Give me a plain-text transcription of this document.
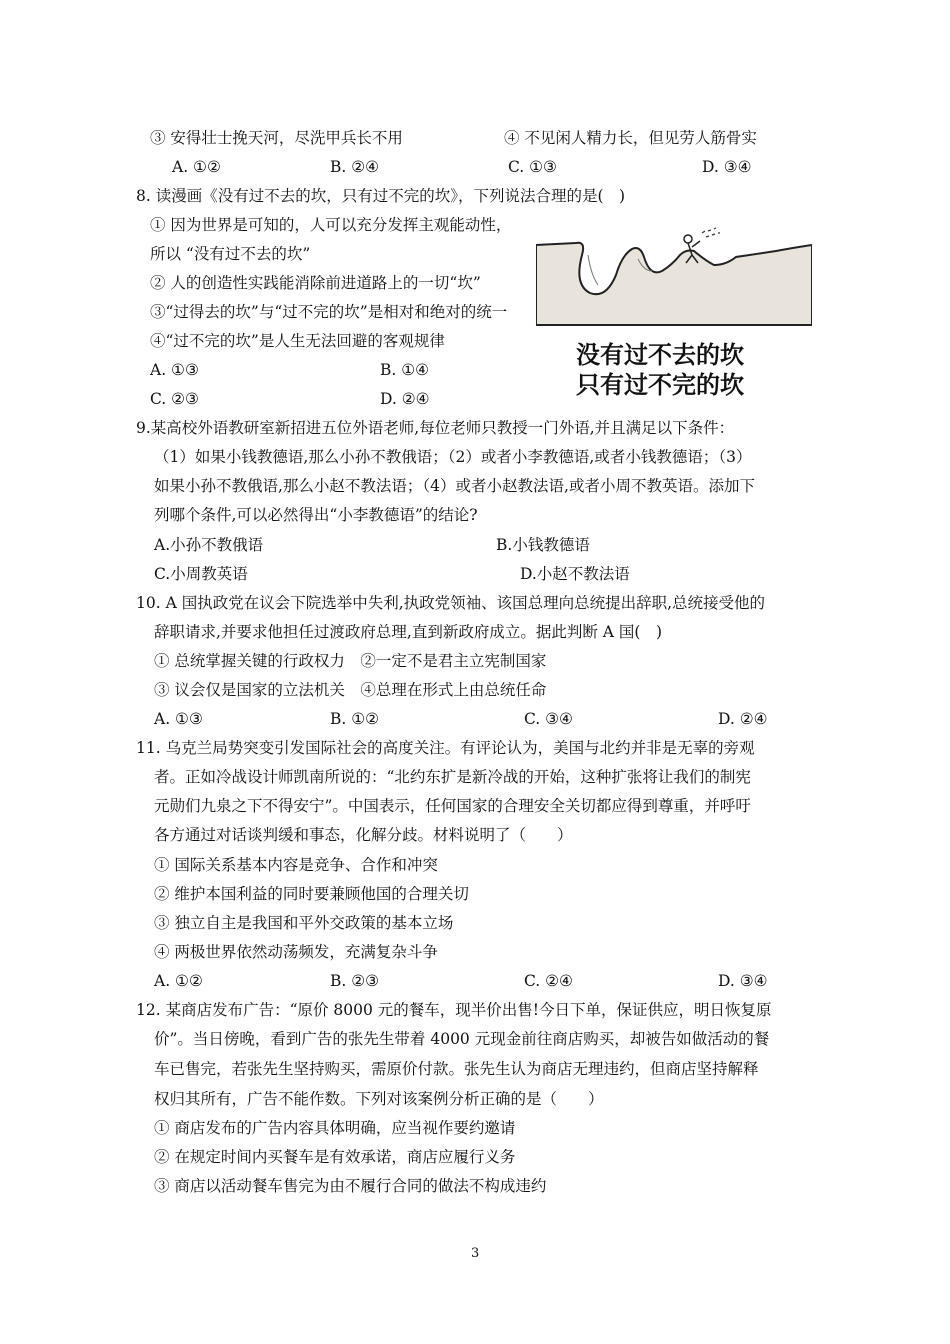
③ 安得壮士挽天河，尽洗甲兵长不用	④ 不见闲人精力长，但见劳人筋骨实
A. ①②	B. ②④	C. ①③	D. ③④
8. 读漫画《没有过不去的坎，只有过不完的坎》，下列说法合理的是(　)
① 因为世界是可知的，人可以充分发挥主观能动性，
所以 “没有过不去的坎”
② 人的创造性实践能消除前进道路上的一切“坎”
③“过得去的坎”与“过不完的坎”是相对和绝对的统一
④“过不完的坎”是人生无法回避的客观规律
A. ①③	B. ①④
C. ②③	D. ②④
没有过不去的坎
只有过不完的坎
9.某高校外语教研室新招进五位外语老师,每位老师只教授一门外语,并且满足以下条件：
（1）如果小钱教德语,那么小孙不教俄语；（2）或者小李教德语,或者小钱教德语；（3）
如果小孙不教俄语,那么小赵不教法语；（4）或者小赵教法语,或者小周不教英语。添加下
列哪个条件,可以必然得出“小李教德语”的结论?
A.小孙不教俄语	B.小钱教德语
C.小周教英语	D.小赵不教法语
10. A 国执政党在议会下院选举中失利,执政党领袖、该国总理向总统提出辞职,总统接受他的
辞职请求,并要求他担任过渡政府总理,直到新政府成立。据此判断 A 国(　)
① 总统掌握关键的行政权力　②一定不是君主立宪制国家
③ 议会仅是国家的立法机关　④总理在形式上由总统任命
A. ①③	B. ①②	C. ③④	D. ②④
11. 乌克兰局势突变引发国际社会的高度关注。有评论认为，美国与北约并非是无辜的旁观
者。正如冷战设计师凯南所说的：“北约东扩是新冷战的开始，这种扩张将让我们的制宪
元勋们九泉之下不得安宁”。中国表示，任何国家的合理安全关切都应得到尊重，并呼吁
各方通过对话谈判缓和事态，化解分歧。材料说明了（　　）
① 国际关系基本内容是竞争、合作和冲突
② 维护本国利益的同时要兼顾他国的合理关切
③ 独立自主是我国和平外交政策的基本立场
④ 两极世界依然动荡频发，充满复杂斗争
A. ①②	B. ②③	C. ②④	D. ③④
12. 某商店发布广告：“原价 8000 元的餐车，现半价出售!今日下单，保证供应，明日恢复原
价”。当日傍晚，看到广告的张先生带着 4000 元现金前往商店购买，却被告如做活动的餐
车已售完，若张先生坚持购买，需原价付款。张先生认为商店无理违约，但商店坚持解释
权归其所有，广告不能作数。下列对该案例分析正确的是（　　）
① 商店发布的广告内容具体明确，应当视作要约邀请
② 在规定时间内买餐车是有效承诺，商店应履行义务
③ 商店以活动餐车售完为由不履行合同的做法不构成违约
3
